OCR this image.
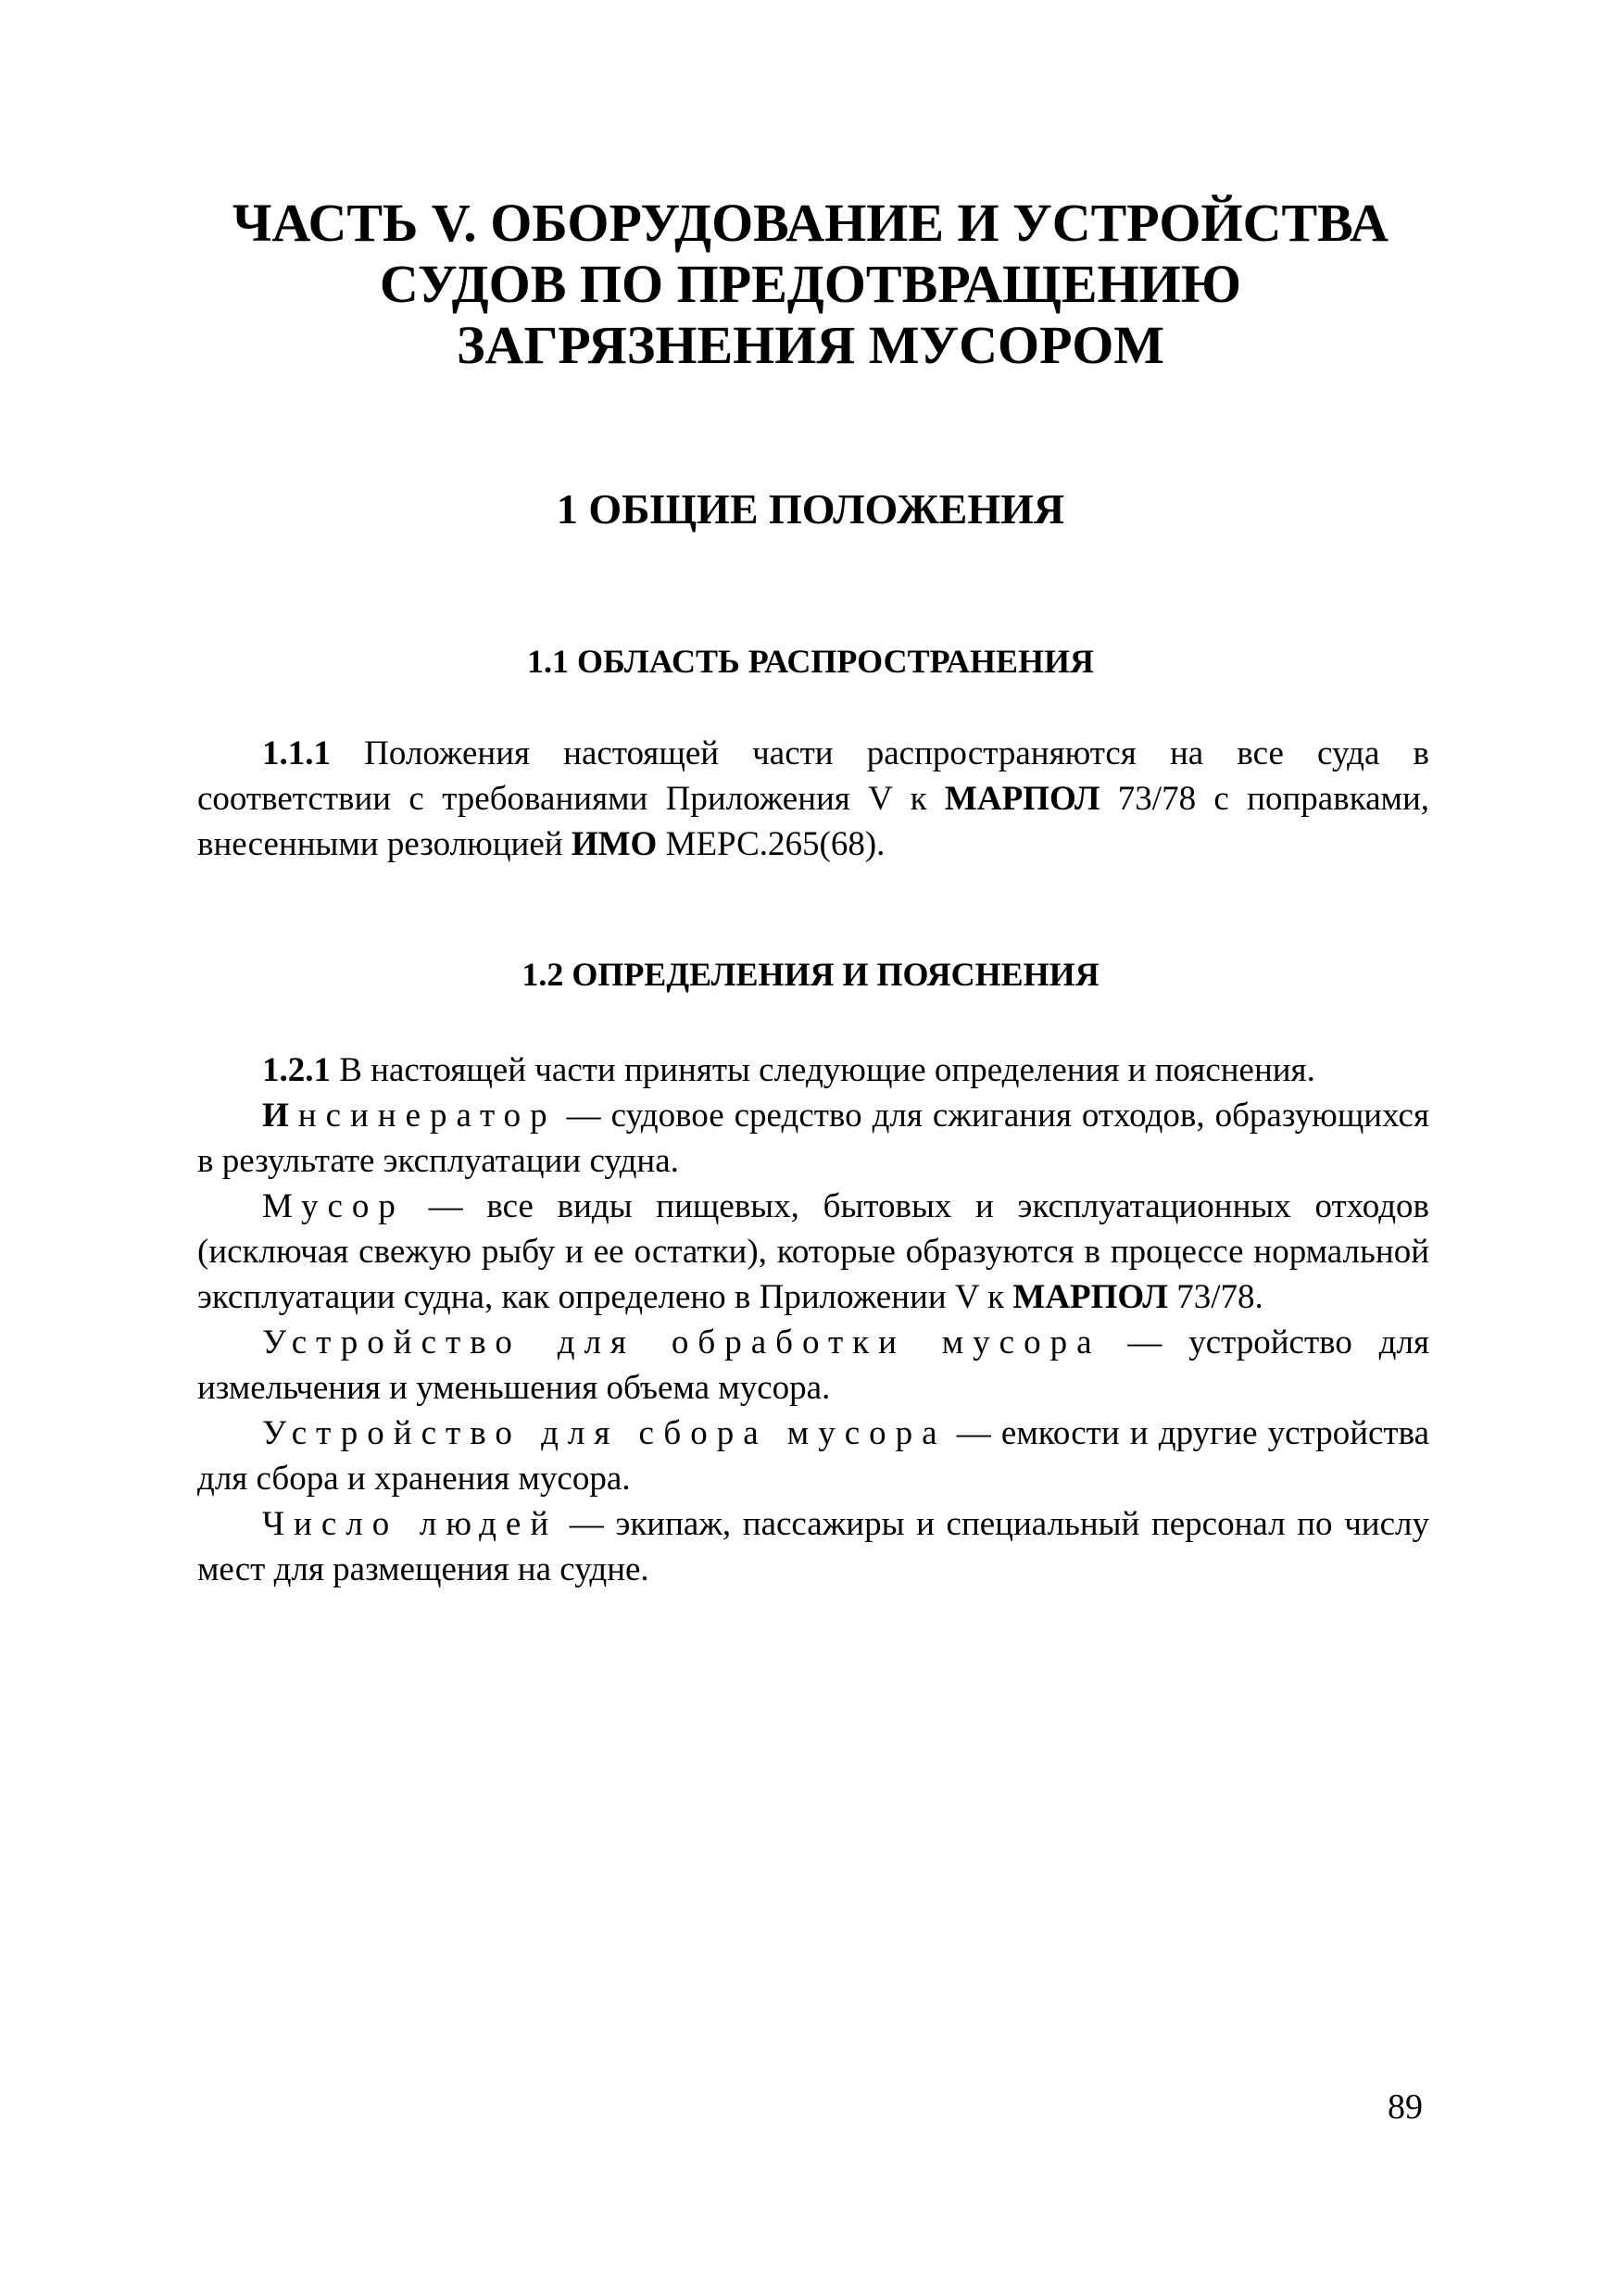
ЧАСТЬ V. ОБОРУДОВАНИЕ И УСТРОЙСТВА
СУДОВ ПО ПРЕДОТВРАЩЕНИЮ
ЗАГРЯЗНЕНИЯ МУСОРОМ
1 ОБЩИЕ ПОЛОЖЕНИЯ
1.1 ОБЛАСТЬ РАСПРОСТРАНЕНИЯ

1.1.1 Положения настоящей части распространяются на все суда в соответствии с требованиями Приложения V к МАРПОЛ 73/78 с поправками, внесенными резолюцией ИМО МЕРС.265(68).

1.2 ОПРЕДЕЛЕНИЯ И ПОЯСНЕНИЯ

1.2.1 В настоящей части приняты следующие определения и пояснения.

Инсинератор — судовое средство для сжигания отходов, образующихся в результате эксплуатации судна.

Мусор — все виды пищевых, бытовых и эксплуатационных отходов (исключая свежую рыбу и ее остатки), которые образуются в процессе нормальной эксплуатации судна, как определено в Приложении V к МАРПОЛ 73/78.

Устройство для обработки мусора — устройство для измельчения и уменьшения объема мусора.

Устройство для сбора мусора — емкости и другие устройства для сбора и хранения мусора.

Число людей — экипаж, пассажиры и специальный персонал по числу мест для размещения на судне.

89
